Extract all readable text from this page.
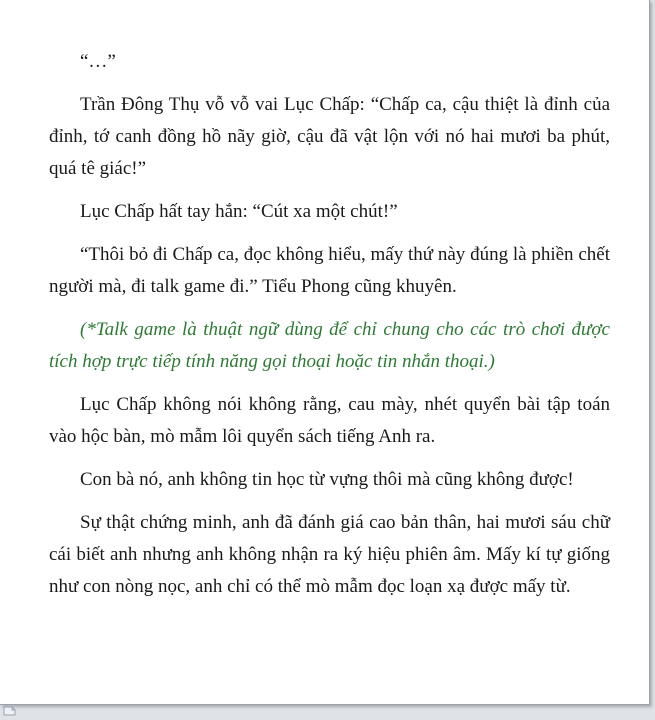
“…”

Trần Đông Thụ vỗ vỗ vai Lục Chấp: “Chấp ca, cậu thiệt là đỉnh của đỉnh, tớ canh đồng hồ nãy giờ, cậu đã vật lộn với nó hai mươi ba phút, quá tê giác!”

Lục Chấp hất tay hắn: “Cút xa một chút!”

“Thôi bỏ đi Chấp ca, đọc không hiểu, mấy thứ này đúng là phiền chết người mà, đi talk game đi.” Tiểu Phong cũng khuyên.

(*Talk game là thuật ngữ dùng để chỉ chung cho các trò chơi được tích hợp trực tiếp tính năng gọi thoại hoặc tin nhắn thoại.)

Lục Chấp không nói không rằng, cau mày, nhét quyển bài tập toán vào hộc bàn, mò mẫm lôi quyển sách tiếng Anh ra.

Con bà nó, anh không tin học từ vựng thôi mà cũng không được!

Sự thật chứng minh, anh đã đánh giá cao bản thân, hai mươi sáu chữ cái biết anh nhưng anh không nhận ra ký hiệu phiên âm. Mấy kí tự giống như con nòng nọc, anh chỉ có thể mò mẫm đọc loạn xạ được mấy từ.
